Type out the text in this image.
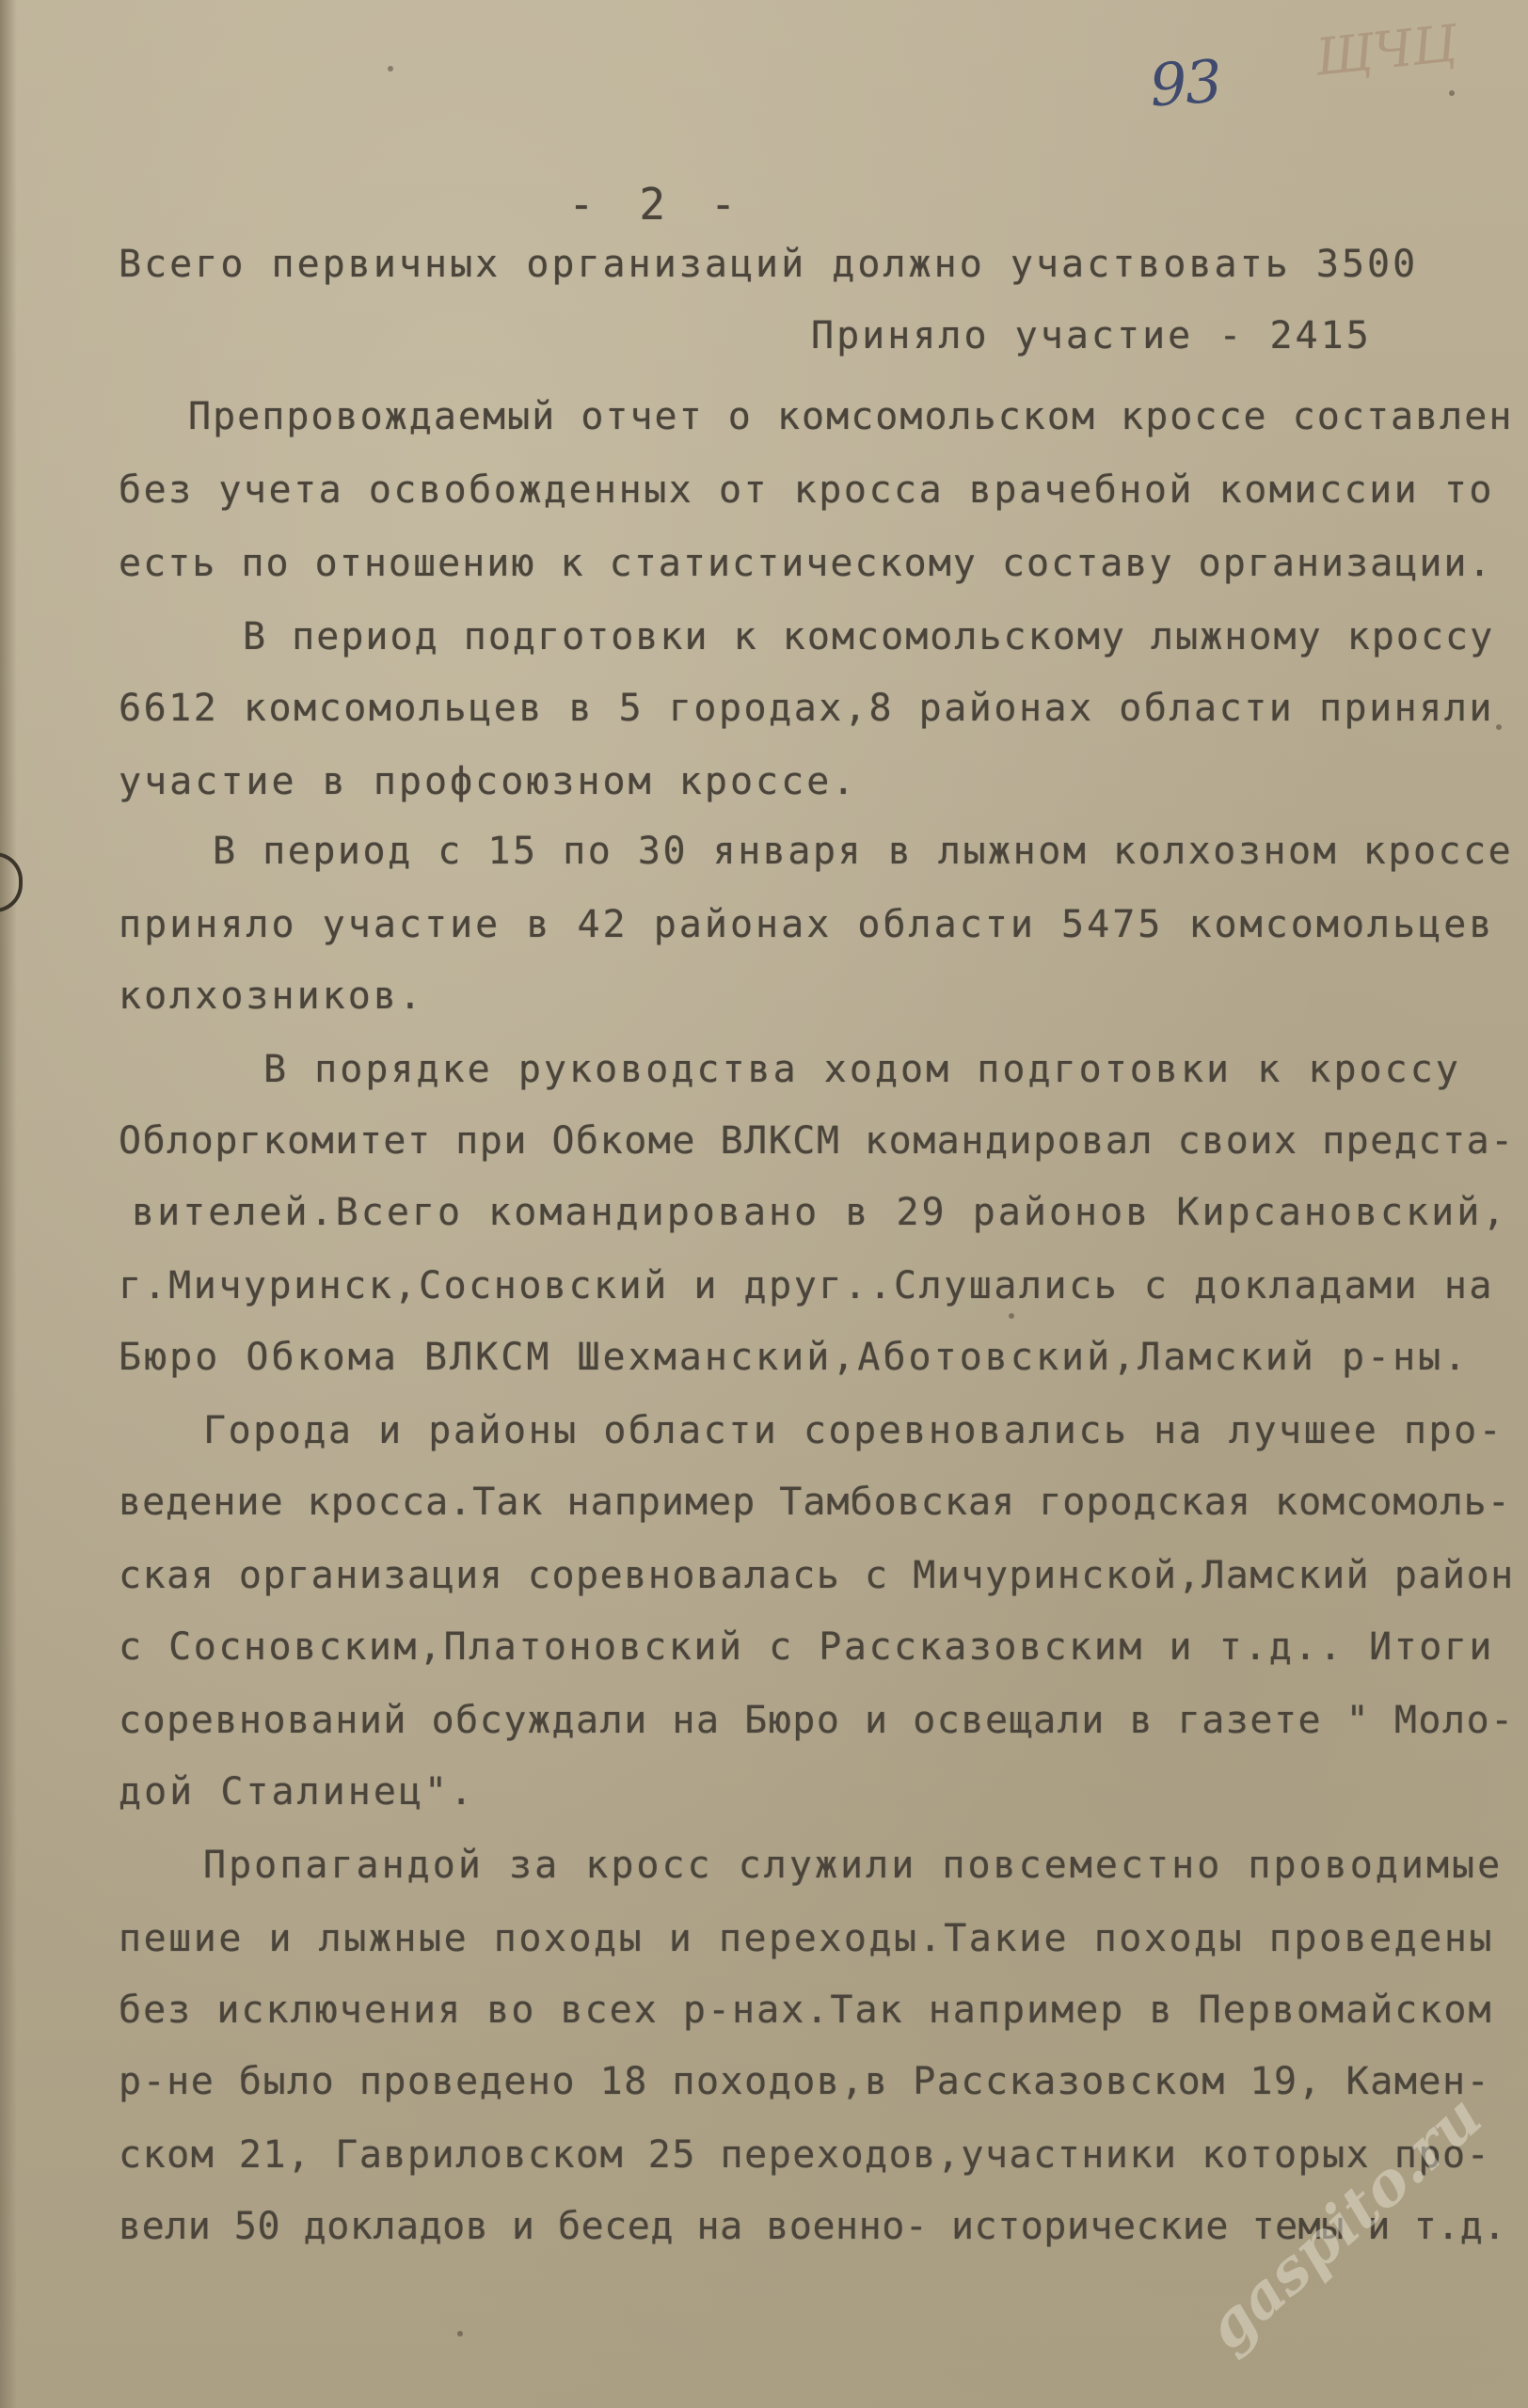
ЩЧЦ
93
- 2 -
Всего первичных организаций должно участвовать 3500
Приняло участие - 2415
Препровождаемый отчет о комсомольском кроссе составлен
без учета освобожденных от кросса врачебной комиссии то
есть по отношению к статистическому составу организации.
В период подготовки к комсомольскому лыжному кроссу
6612 комсомольцев в 5 городах,8 районах области приняли
участие в профсоюзном кроссе.
В период с 15 по 30 января в лыжном колхозном кроссе
приняло участие в 42 районах области 5475 комсомольцев
колхозников.
В порядке руководства ходом подготовки к кроссу
Облоргкомитет при Обкоме ВЛКСМ командировал своих предста-
вителей.Всего командировано в 29 районов Кирсановский,
г.Мичуринск,Сосновский и друг..Слушались с докладами на
Бюро Обкома ВЛКСМ Шехманский,Аботовский,Ламский р-ны.
Города и районы области соревновались на лучшее про-
ведение кросса.Так например Тамбовская городская комсомоль-
ская организация соревновалась с Мичуринской,Ламский район
с Сосновским,Платоновский с Рассказовским и т.д.. Итоги
соревнований обсуждали на Бюро и освещали в газете " Моло-
дой Сталинец".
Пропагандой за кросс служили повсеместно проводимые
пешие и лыжные походы и переходы.Такие походы проведены
без исключения во всех р-нах.Так например в Первомайском
р-не было проведено 18 походов,в Рассказовском 19, Камен-
ском 21, Гавриловском 25 переходов,участники которых про-
вели 50 докладов и бесед на военно- исторические темы и т.д.
gaspito.ru
